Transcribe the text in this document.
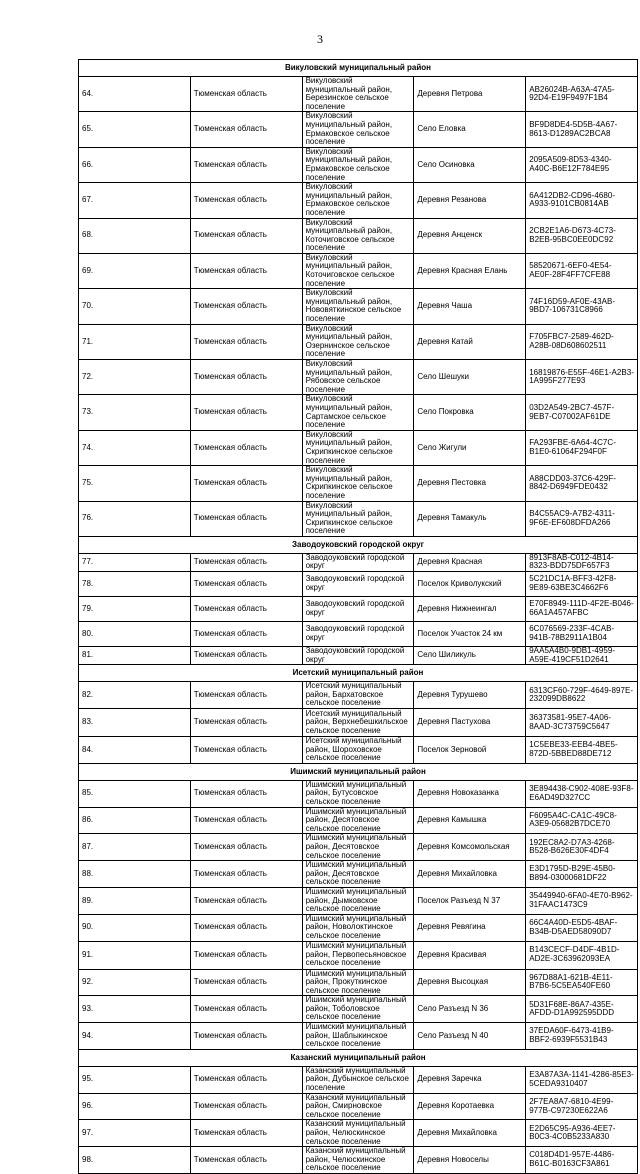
3
Викуловский муниципальный район				
64.	Тюменская область	Викуловский муниципальный район, Березинское сельское поселение	Деревня Петрова	AB26024B-A63A-47A5-92D4-E19F9497F1B4
65.	Тюменская область	Викуловский муниципальный район, Ермаковское сельское поселение	Село Еловка	BF9D8DE4-5D5B-4A67-8613-D1289AC2BCA8
66.	Тюменская область	Викуловский муниципальный район, Ермаковское сельское поселение	Село Осиновка	2095A509-8D53-4340-A40C-B6E12F784E95
67.	Тюменская область	Викуловский муниципальный район, Ермаковское сельское поселение	Деревня Резанова	6A412DB2-CD96-4680-A933-9101CB0814AB
68.	Тюменская область	Викуловский муниципальный район, Коточиговское сельское поселение	Деревня Анценск	2CB2E1A6-D673-4C73-B2EB-95BC0EE0DC92
69.	Тюменская область	Викуловский муниципальный район, Коточиговское сельское поселение	Деревня Красная Елань	58520671-6EF0-4E54-AE0F-28F4FF7CFE88
70.	Тюменская область	Викуловский муниципальный район, Нововяткинское сельское поселение	Деревня Чаша	74F16D59-AF0E-43AB-9BD7-106731C8966
71.	Тюменская область	Викуловский муниципальный район, Озернинское сельское поселение	Деревня Катай	F705FBC7-2589-462D-A28B-08D608602511
72.	Тюменская область	Викуловский муниципальный район, Рябовское сельское поселение	Село Шешуки	16819876-E55F-46E1-A2B3-1A995F277E93
73.	Тюменская область	Викуловский муниципальный район, Сартамское сельское поселение	Село Покровка	03D2A549-2BC7-457F-9EB7-C07002AF61DE
74.	Тюменская область	Викуловский муниципальный район, Скрипкинское сельское поселение	Село Жигули	FA293FBE-6A64-4C7C-B1E0-61064F294F0F
75.	Тюменская область	Викуловский муниципальный район, Скрипкинское сельское поселение	Деревня Пестовка	A88CDD03-37C6-429F-8842-D6949FDE0432
76.	Тюменская область	Викуловский муниципальный район, Скрипкинское сельское поселение	Деревня Тамакуль	B4C55AC9-A7B2-4311-9F6E-EF608DFDA266
Заводоуковский городской округ				
77.	Тюменская область	Заводоуковский городской округ	Деревня Красная	8913F8AB-C012-4B14-8323-BDD75DF657F3
78.	Тюменская область	Заводоуковский городской округ	Поселок Криволукский	5C21DC1A-BFF3-42F8-9E89-63BE3C4662F6
79.	Тюменская область	Заводоуковский городской округ	Деревня Нижнеингал	E70F8949-111D-4F2E-B046-66A1A457AFBC
80.	Тюменская область	Заводоуковский городской округ	Поселок Участок 24 км	6C076569-233F-4CAB-941B-78B2911A1B04
81.	Тюменская область	Заводоуковский городской округ	Село Шиликуль	9AA5A4B0-9DB1-4959-A59E-419CF51D2641
Исетский муниципальный район				
82.	Тюменская область	Исетский муниципальный район, Бархатовское сельское поселение	Деревня Турушево	6313CF60-729F-4649-897E-232099DB8622
83.	Тюменская область	Исетский муниципальный район, Верхнебешкильское сельское поселение	Деревня Пастухова	36373581-95E7-4A06-8AAD-3C73759C5647
84.	Тюменская область	Исетский муниципальный район, Шороховское сельское поселение	Поселок Зерновой	1C5EBE33-EEB4-4BE5-872D-5BBED88DE712
Ишимский муниципальный район				
85.	Тюменская область	Ишимский муниципальный район, Бутусовское сельское поселение	Деревня Новоказанка	3E894438-C902-408E-93F8-E6AD49D327CC
86.	Тюменская область	Ишимский муниципальный район, Десятовское сельское поселение	Деревня Камышка	F6095A4C-CA1C-49C8-A3E9-05682B7DCE70
87.	Тюменская область	Ишимский муниципальный район, Десятовское сельское поселение	Деревня Комсомольская	192EC8A2-D7A3-4268-B528-B626E30F4DF4
88.	Тюменская область	Ишимский муниципальный район, Десятовское сельское поселение	Деревня Михайловка	E3D1795D-B29E-45B0-B894-03000681DF22
89.	Тюменская область	Ишимский муниципальный район, Дымковское сельское поселение	Поселок Разъезд N 37	35449940-6FA0-4E70-B962-31FAAC1473C9
90.	Тюменская область	Ишимский муниципальный район, Новолоктинское сельское поселение	Деревня Ревягина	66C4A40D-E5D5-4BAF-B34B-D5AED58090D7
91.	Тюменская область	Ишимский муниципальный район, Первопесьяновское сельское поселение	Деревня Красивая	B143CECF-D4DF-4B1D-AD2E-3C63962093EA
92.	Тюменская область	Ишимский муниципальный район, Прокуткинское сельское поселение	Деревня Высоцкая	967D88A1-621B-4E11-B7B6-5C5EA540FE60
93.	Тюменская область	Ишимский муниципальный район, Тоболовское сельское поселение	Село Разъезд N 36	5D31F68E-86A7-435E-AFDD-D1A992595DDD
94.	Тюменская область	Ишимский муниципальный район, Шаблыкинское сельское поселение	Село Разъезд N 40	37EDA60F-6473-41B9-BBF2-6939F5531B43
Казанский муниципальный район				
95.	Тюменская область	Казанский муниципальный район, Дубынское сельское поселение	Деревня Заречка	E3A87A3A-1141-4286-85E3-5CEDA9310407
96.	Тюменская область	Казанский муниципальный район, Смирновское сельское поселение	Деревня Коротаевка	2F7EA8A7-6810-4E99-977B-C97230E622A6
97.	Тюменская область	Казанский муниципальный район, Челюскинское сельское поселение	Деревня Михайловка	E2D65C95-A936-4EE7-B0C3-4C0B5233A830
98.	Тюменская область	Казанский муниципальный район, Челюскинское сельское поселение	Деревня Новоселы	C018D4D1-957E-4486-B61C-B0163CF3A861
